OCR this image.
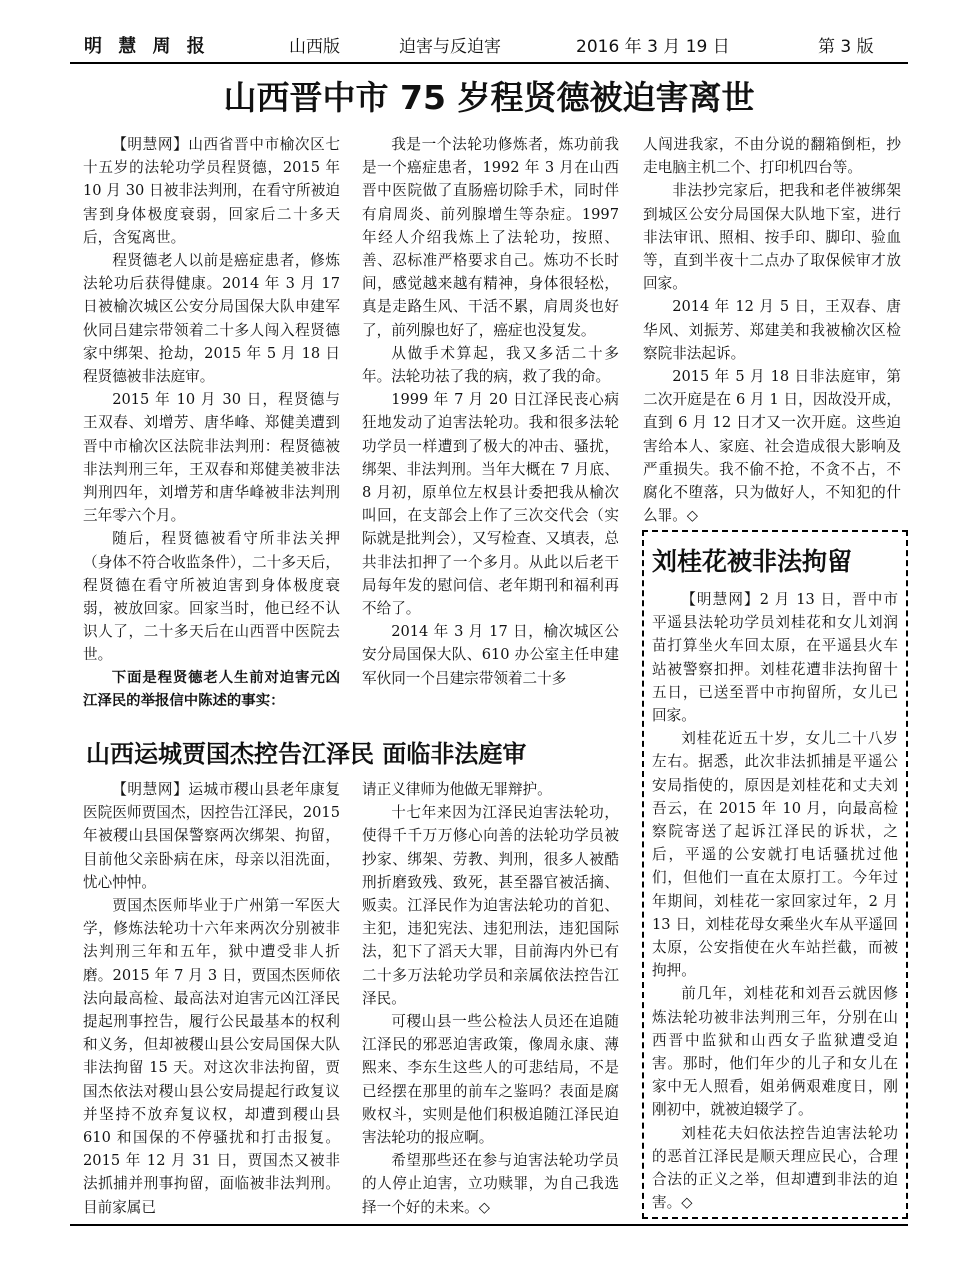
明 慧 周 报	山西版	迫害与反迫害	2016 年 3 月 19 日	第 3 版
山西晋中市 75 岁程贤德被迫害离世

【明慧网】山西省晋中市榆次区七十五岁的法轮功学员程贤德，2015 年 10 月 30 日被非法判刑，在看守所被迫害到身体极度衰弱，回家后二十多天后，含冤离世。

程贤德老人以前是癌症患者，修炼法轮功后获得健康。2014 年 3 月 17 日被榆次城区公安分局国保大队申建军伙同吕建宗带领着二十多人闯入程贤德家中绑架、抢劫，2015 年 5 月 18 日程贤德被非法庭审。

2015 年 10 月 30 日，程贤德与王双春、刘增芳、唐华峰、郑健美遭到晋中市榆次区法院非法判刑：程贤德被非法判刑三年，王双春和郑健美被非法判刑四年，刘增芳和唐华峰被非法判刑三年零六个月。

随后，程贤德被看守所非法关押（身体不符合收监条件），二十多天后，程贤德在看守所被迫害到身体极度衰弱，被放回家。回家当时，他已经不认识人了，二十多天后在山西晋中医院去世。

下面是程贤德老人生前对迫害元凶江泽民的举报信中陈述的事实：

我是一个法轮功修炼者，炼功前我是一个癌症患者，1992 年 3 月在山西晋中医院做了直肠癌切除手术，同时伴有肩周炎、前列腺增生等杂症。1997 年经人介绍我炼上了法轮功，按照、善、忍标准严格要求自己。炼功不长时间，感觉越来越有精神，身体很轻松，真是走路生风、干活不累，肩周炎也好了，前列腺也好了，癌症也没复发。

从做手术算起，我又多活二十多年。法轮功祛了我的病，救了我的命。

1999 年 7 月 20 日江泽民丧心病狂地发动了迫害法轮功。我和很多法轮功学员一样遭到了极大的冲击、骚扰，绑架、非法判刑。当年大概在 7 月底、8 月初，原单位左权县计委把我从榆次叫回，在支部会上作了三次交代会（实际就是批判会），又写检查、又填表，总共非法扣押了一个多月。从此以后老干局每年发的慰问信、老年期刊和福利再不给了。

2014 年 3 月 17 日，榆次城区公安分局国保大队、610 办公室主任申建军伙同一个吕建宗带领着二十多

人闯进我家，不由分说的翻箱倒柜，抄走电脑主机二个、打印机四台等。

非法抄完家后，把我和老伴被绑架到城区公安分局国保大队地下室，进行非法审讯、照相、按手印、脚印、验血等，直到半夜十二点办了取保候审才放回家。

2014 年 12 月 5 日，王双春、唐华风、刘振芳、郑建美和我被榆次区检察院非法起诉。

2015 年 5 月 18 日非法庭审，第二次开庭是在 6 月 1 日，因故没开成，直到 6 月 12 日才又一次开庭。这些迫害给本人、家庭、社会造成很大影响及严重损失。我不偷不抢，不贪不占，不腐化不堕落，只为做好人，不知犯的什么罪。◇

刘桂花被非法拘留

【明慧网】2 月 13 日，晋中市平遥县法轮功学员刘桂花和女儿刘润苗打算坐火车回太原，在平遥县火车站被警察扣押。刘桂花遭非法拘留十五日，已送至晋中市拘留所，女儿已回家。

刘桂花近五十岁，女儿二十八岁左右。据悉，此次非法抓捕是平遥公安局指使的，原因是刘桂花和丈夫刘吾云，在 2015 年 10 月，向最高检察院寄送了起诉江泽民的诉状，之后，平遥的公安就打电话骚扰过他们，但他们一直在太原打工。今年过年期间，刘桂花一家回家过年，2 月 13 日，刘桂花母女乘坐火车从平遥回太原，公安指使在火车站拦截，而被拘押。

前几年，刘桂花和刘吾云就因修炼法轮功被非法判刑三年，分别在山西晋中监狱和山西女子监狱遭受迫害。那时，他们年少的儿子和女儿在家中无人照看，姐弟俩艰难度日，刚刚初中，就被迫辍学了。

刘桂花夫妇依法控告迫害法轮功的恶首江泽民是顺天理应民心，合理合法的正义之举，但却遭到非法的迫害。◇

山西运城贾国杰控告江泽民 面临非法庭审

【明慧网】运城市稷山县老年康复医院医师贾国杰，因控告江泽民，2015 年被稷山县国保警察两次绑架、拘留，目前他父亲卧病在床，母亲以泪洗面，忧心忡忡。

贾国杰医师毕业于广州第一军医大学，修炼法轮功十六年来两次分别被非法判刑三年和五年，狱中遭受非人折磨。2015 年 7 月 3 日，贾国杰医师依法向最高检、最高法对迫害元凶江泽民提起刑事控告，履行公民最基本的权利和义务，但却被稷山县公安局国保大队非法拘留 15 天。对这次非法拘留，贾国杰依法对稷山县公安局提起行政复议并坚持不放弃复议权，却遭到稷山县 610 和国保的不停骚扰和打击报复。2015 年 12 月 31 日，贾国杰又被非法抓捕并刑事拘留，面临被非法判刑。目前家属已

请正义律师为他做无罪辩护。

十七年来因为江泽民迫害法轮功，使得千千万万修心向善的法轮功学员被抄家、绑架、劳教、判刑，很多人被酷刑折磨致残、致死，甚至器官被活摘、贩卖。江泽民作为迫害法轮功的首犯、主犯，违犯宪法、违犯刑法，违犯国际法，犯下了滔天大罪，目前海内外已有二十多万法轮功学员和亲属依法控告江泽民。

可稷山县一些公检法人员还在追随江泽民的邪恶迫害政策，像周永康、薄熙来、李东生这些人的可悲结局，不是已经摆在那里的前车之鉴吗？表面是腐败权斗，实则是他们积极追随江泽民迫害法轮功的报应啊。

希望那些还在参与迫害法轮功学员的人停止迫害，立功赎罪，为自己我选择一个好的未来。◇
